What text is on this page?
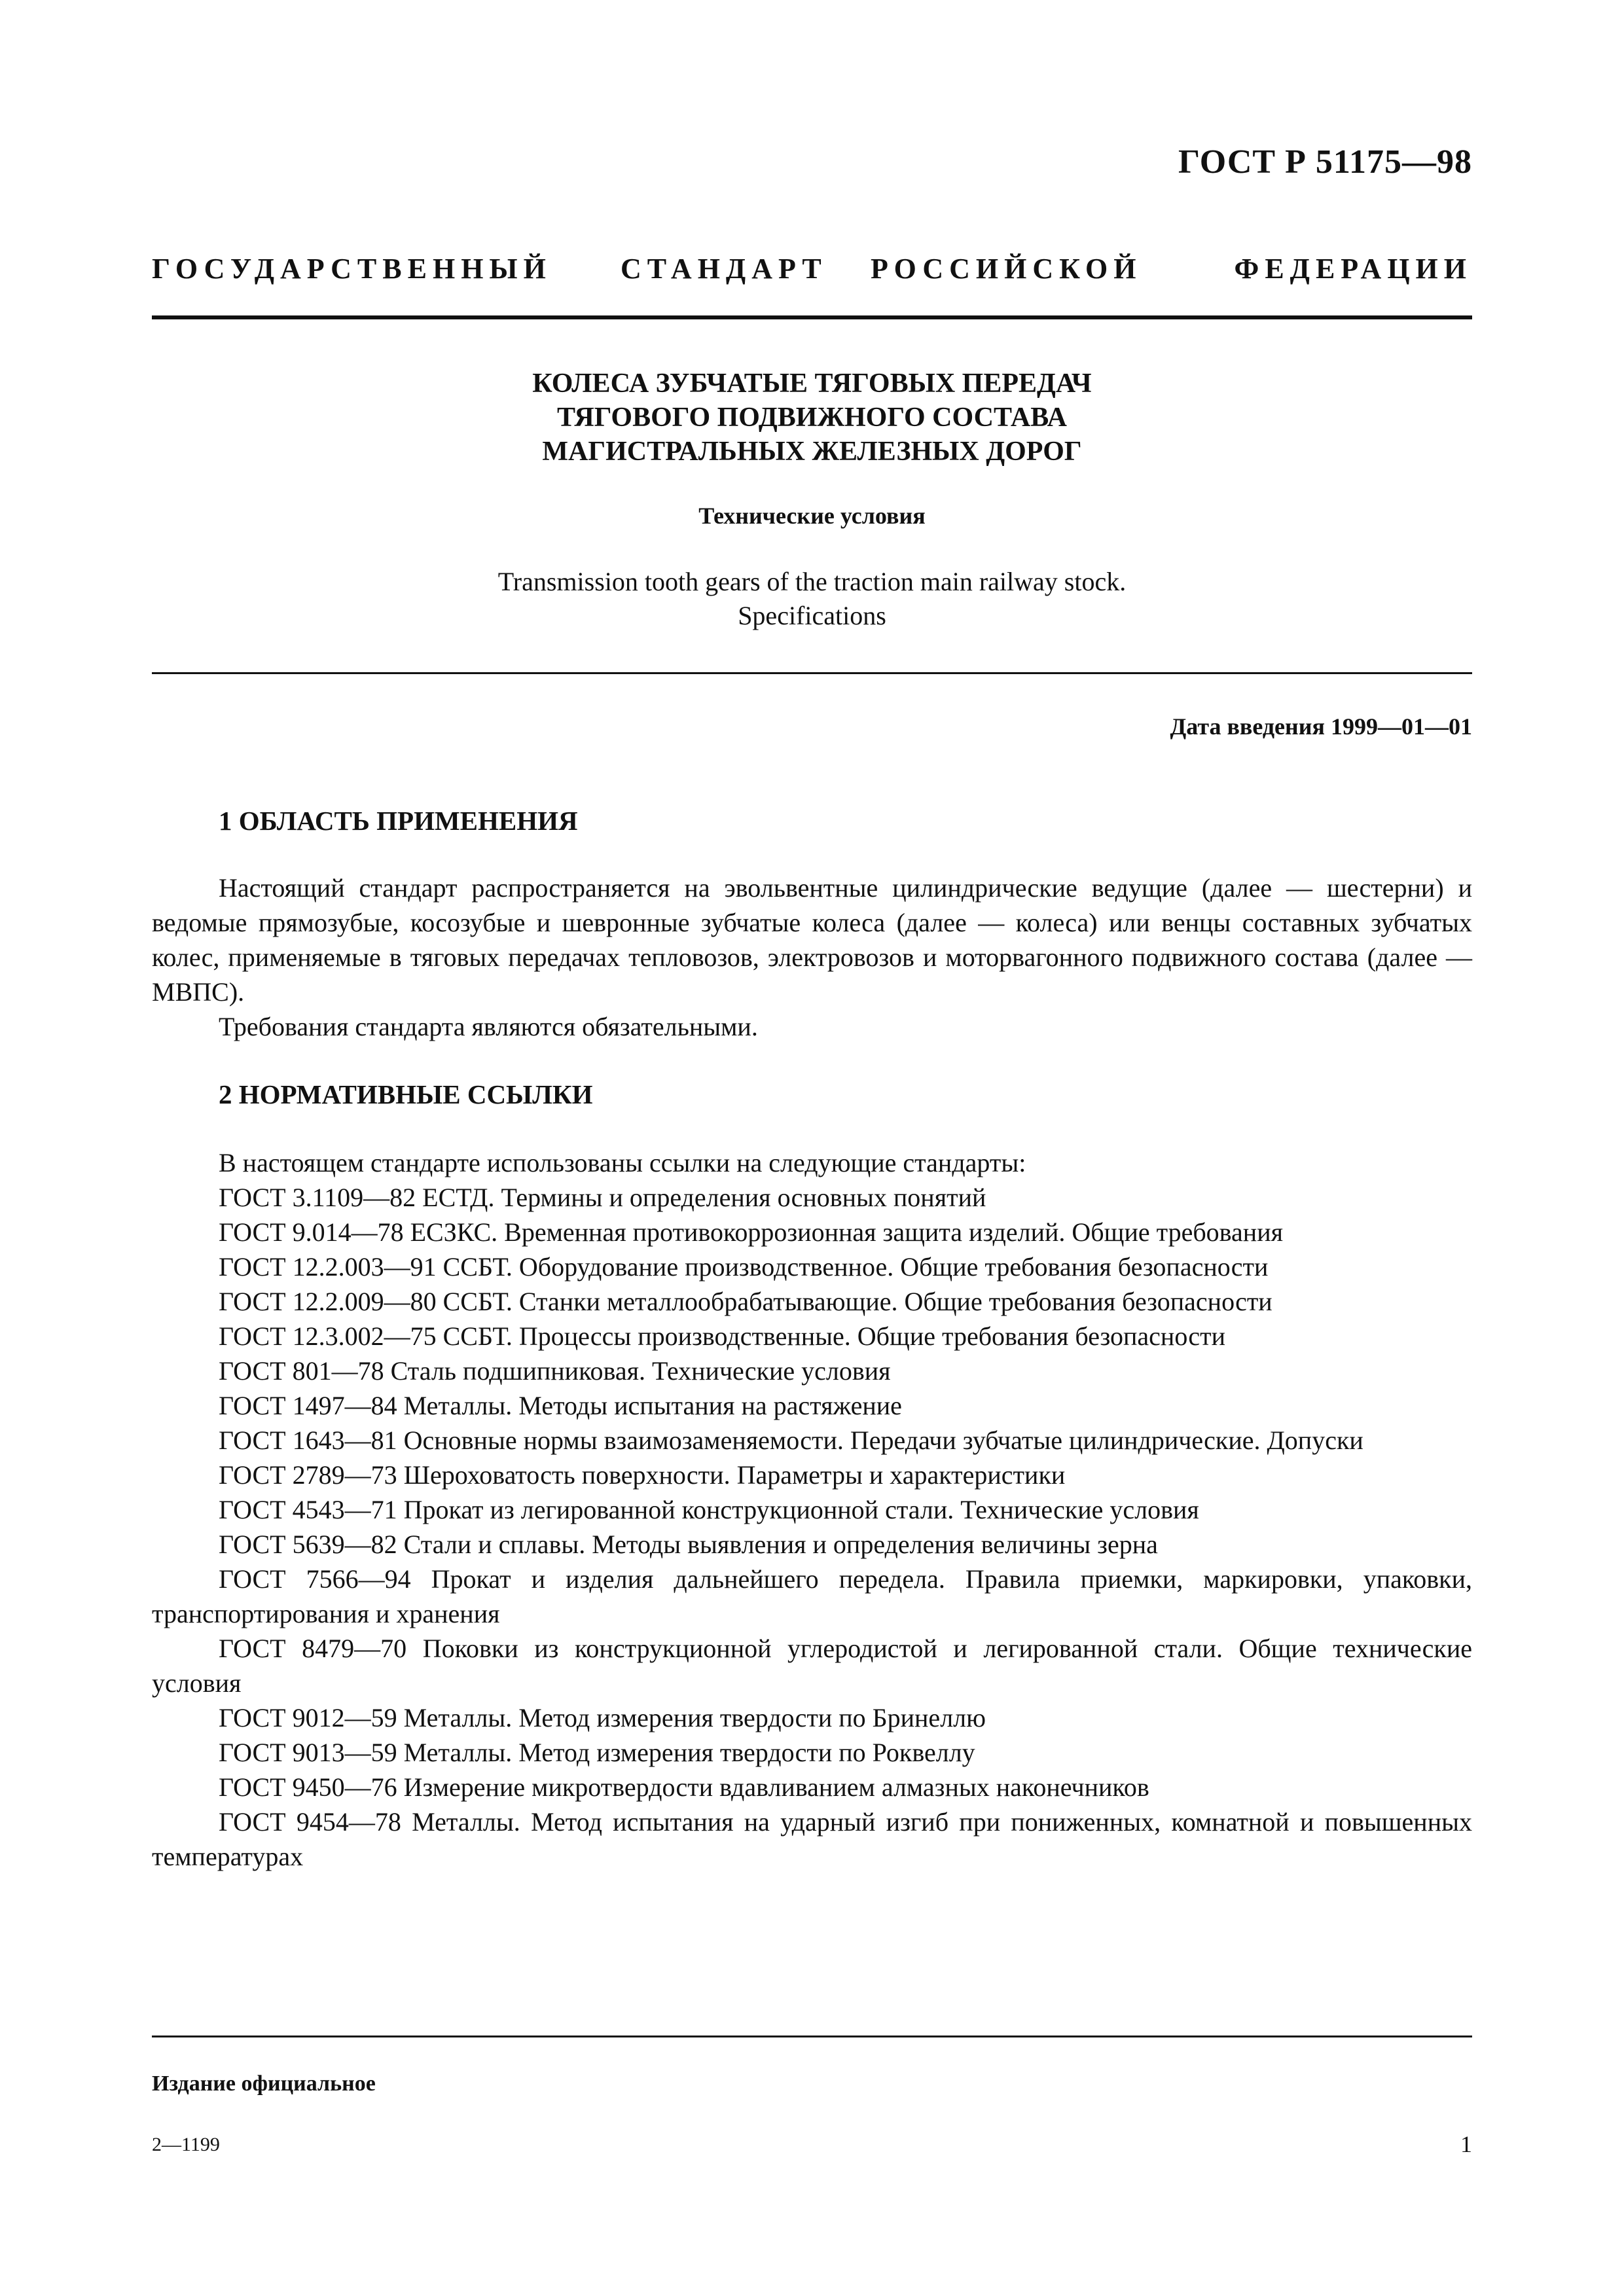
ГОСТ Р 51175—98
ГОСУДАРСТВЕННЫЙ СТАНДАРТ РОССИЙСКОЙ	ФЕДЕРАЦИИ
КОЛЕСА ЗУБЧАТЫЕ ТЯГОВЫХ ПЕРЕДАЧ
ТЯГОВОГО ПОДВИЖНОГО СОСТАВА
МАГИСТРАЛЬНЫХ ЖЕЛЕЗНЫХ ДОРОГ
Технические условия
Transmission tooth gears of the traction main railway stock.
Specifications
Дата введения 1999—01—01
1 ОБЛАСТЬ ПРИМЕНЕНИЯ

Настоящий стандарт распространяется на эвольвентные цилиндрические ведущие (далее — шестерни) и ведомые прямозубые, косозубые и шевронные зубчатые колеса (далее — колеса) или венцы составных зубчатых колес, применяемые в тяговых передачах тепловозов, электровозов и моторвагонного подвижного состава (далее — МВПС).

Требования стандарта являются обязательными.

2 НОРМАТИВНЫЕ ССЫЛКИ

В настоящем стандарте использованы ссылки на следующие стандарты:

ГОСТ 3.1109—82 ЕСТД. Термины и определения основных понятий

ГОСТ 9.014—78 ЕСЗКС. Временная противокоррозионная защита изделий. Общие требования

ГОСТ 12.2.003—91 ССБТ. Оборудование производственное. Общие требования безопасности

ГОСТ 12.2.009—80 ССБТ. Станки металлообрабатывающие. Общие требования безопасности

ГОСТ 12.3.002—75 ССБТ. Процессы производственные. Общие требования безопасности

ГОСТ 801—78 Сталь подшипниковая. Технические условия

ГОСТ 1497—84 Металлы. Методы испытания на растяжение

ГОСТ 1643—81 Основные нормы взаимозаменяемости. Передачи зубчатые цилиндрические. Допуски

ГОСТ 2789—73 Шероховатость поверхности. Параметры и характеристики

ГОСТ 4543—71 Прокат из легированной конструкционной стали. Технические условия

ГОСТ 5639—82 Стали и сплавы. Методы выявления и определения величины зерна

ГОСТ 7566—94 Прокат и изделия дальнейшего передела. Правила приемки, маркировки, упаковки, транспортирования и хранения

ГОСТ 8479—70 Поковки из конструкционной углеродистой и легированной стали. Общие технические условия

ГОСТ 9012—59 Металлы. Метод измерения твердости по Бринеллю

ГОСТ 9013—59 Металлы. Метод измерения твердости по Роквеллу

ГОСТ 9450—76 Измерение микротвердости вдавливанием алмазных наконечников

ГОСТ 9454—78 Металлы. Метод испытания на ударный изгиб при пониженных, комнатной и повышенных температурах

Издание официальное
2—1199	1
